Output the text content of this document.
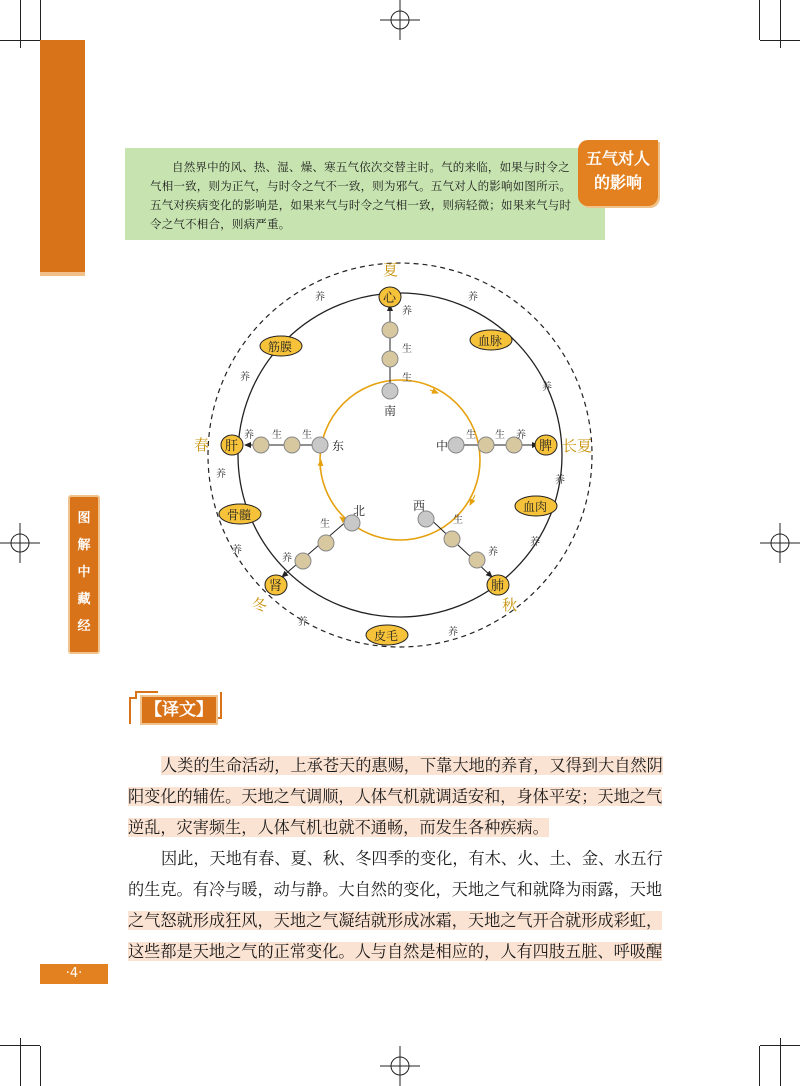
自然界中的风、热、湿、燥、寒五气依次交替主时。气的来临，如果与时令之气相一致，则为正气，与时令之气不一致，则为邪气。五气对人的影响如图所示。五气对疾病变化的影响是，如果来气与时令之气相一致，则病轻微；如果来气与时令之气不相合，则病严重。
五气对人
的影响
图
解
中
藏
经
生
生
生 生	生 生
生	生
养	养
养
养
养
养	养
养
养
养
养
养
养
养
养
夏
春	长夏
冬	秋
心
肝	脾
肾	肺
筋膜	血脉
血肉
骨髓
皮毛
南
东	中
西
北
【译文】

人类的生命活动，上承苍天的惠赐，下靠大地的养育，又得到大自然阴

阳变化的辅佐。天地之气调顺，人体气机就调适安和，身体平安；天地之气
逆乱，灾害频生，人体气机也就不通畅，而发生各种疾病。

因此，天地有春、夏、秋、冬四季的变化，有木、火、土、金、水五行

的生克。有冷与暖，动与静。大自然的变化，天地之气和就降为雨露，天地
之气怒就形成狂风，天地之气凝结就形成冰霜，天地之气开合就形成彩虹，
这些都是天地之气的正常变化。人与自然是相应的，人有四肢五脏、呼吸醒
·4·
